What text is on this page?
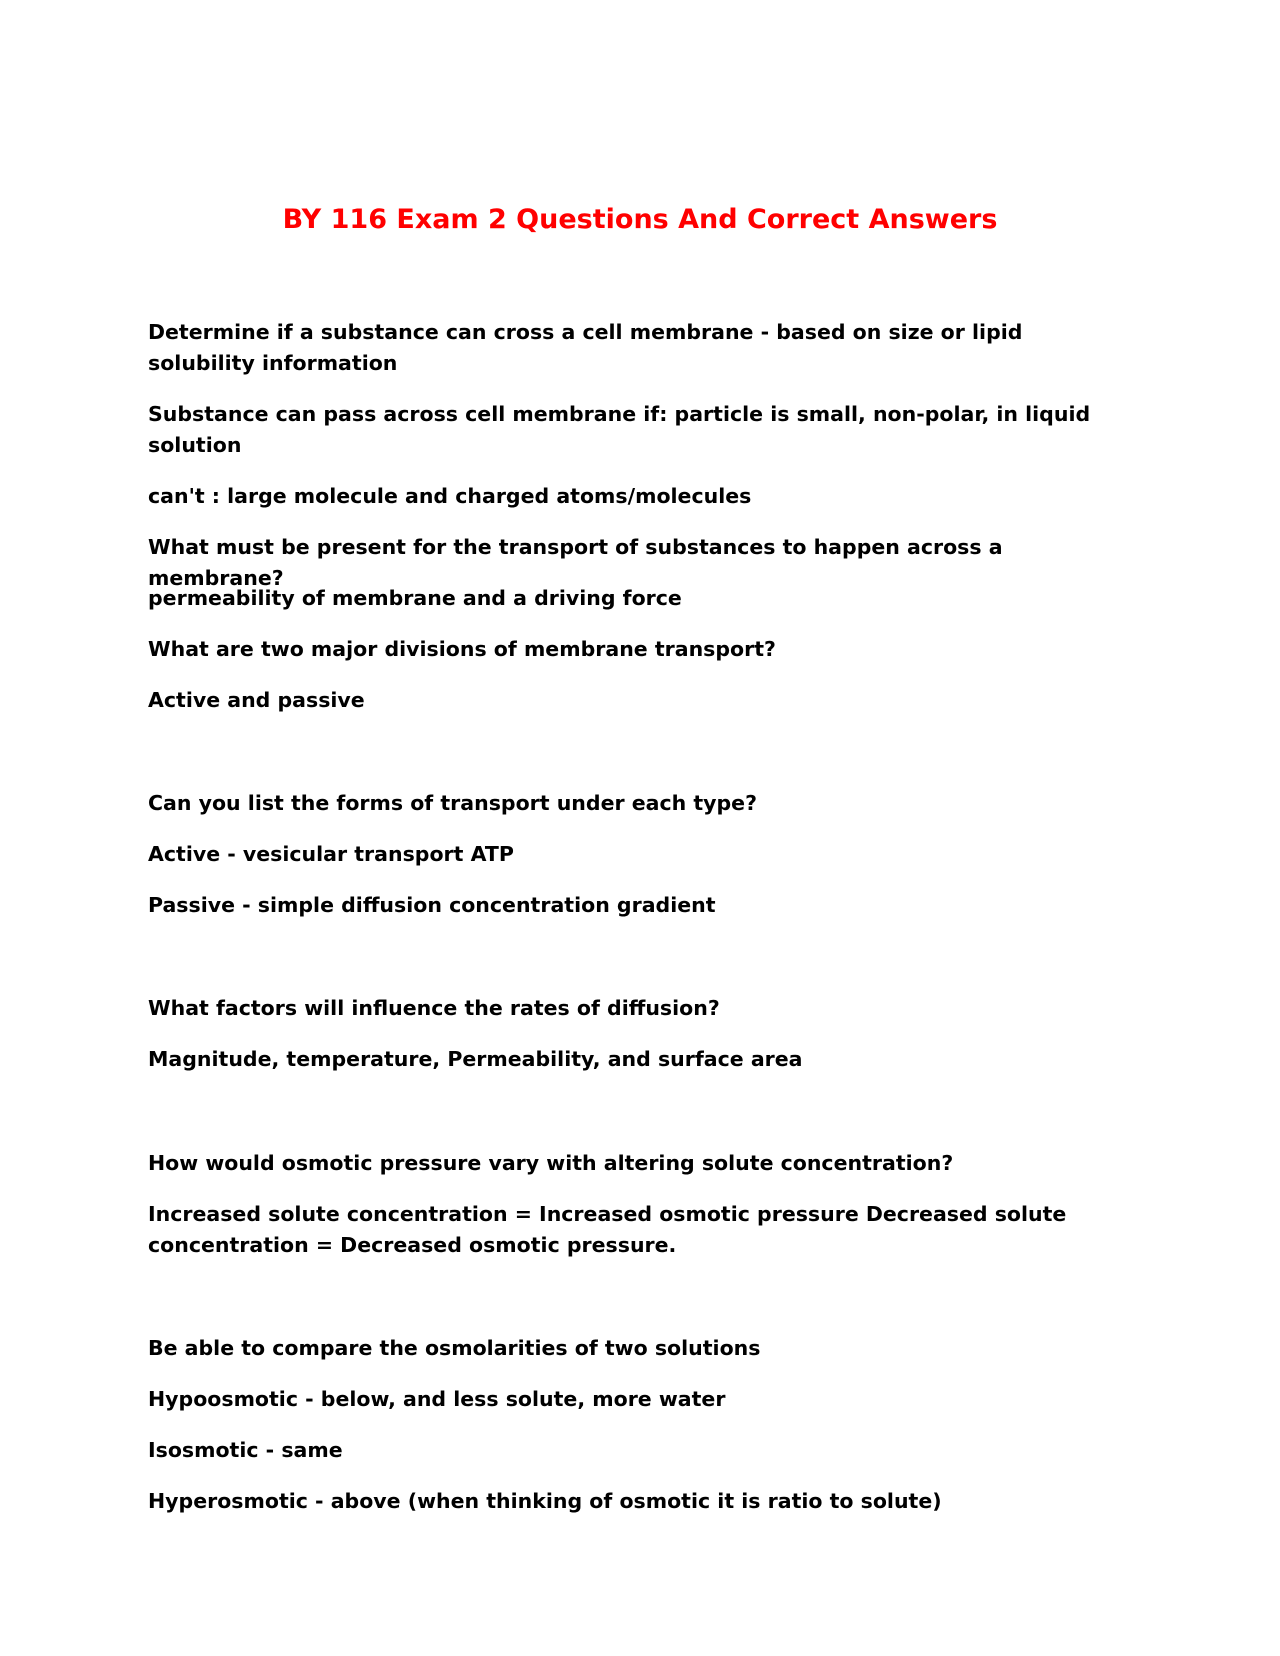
BY 116 Exam 2 Questions And Correct Answers

Determine if a substance can cross a cell membrane - based on size or lipid solubility information

Substance can pass across cell membrane if: particle is small, non-polar, in liquid solution

can't : large molecule and charged atoms/molecules

What must be present for the transport of substances to happen across a membrane?

permeability of membrane and a driving force

What are two major divisions of membrane transport?

Active and passive

Can you list the forms of transport under each type?

Active - vesicular transport ATP

Passive - simple diffusion concentration gradient

What factors will influence the rates of diffusion?

Magnitude, temperature, Permeability, and surface area

How would osmotic pressure vary with altering solute concentration?

Increased solute concentration = Increased osmotic pressure Decreased solute concentration = Decreased osmotic pressure.

Be able to compare the osmolarities of two solutions

Hypoosmotic - below, and less solute, more water

Isosmotic - same

Hyperosmotic - above (when thinking of osmotic it is ratio to solute)
